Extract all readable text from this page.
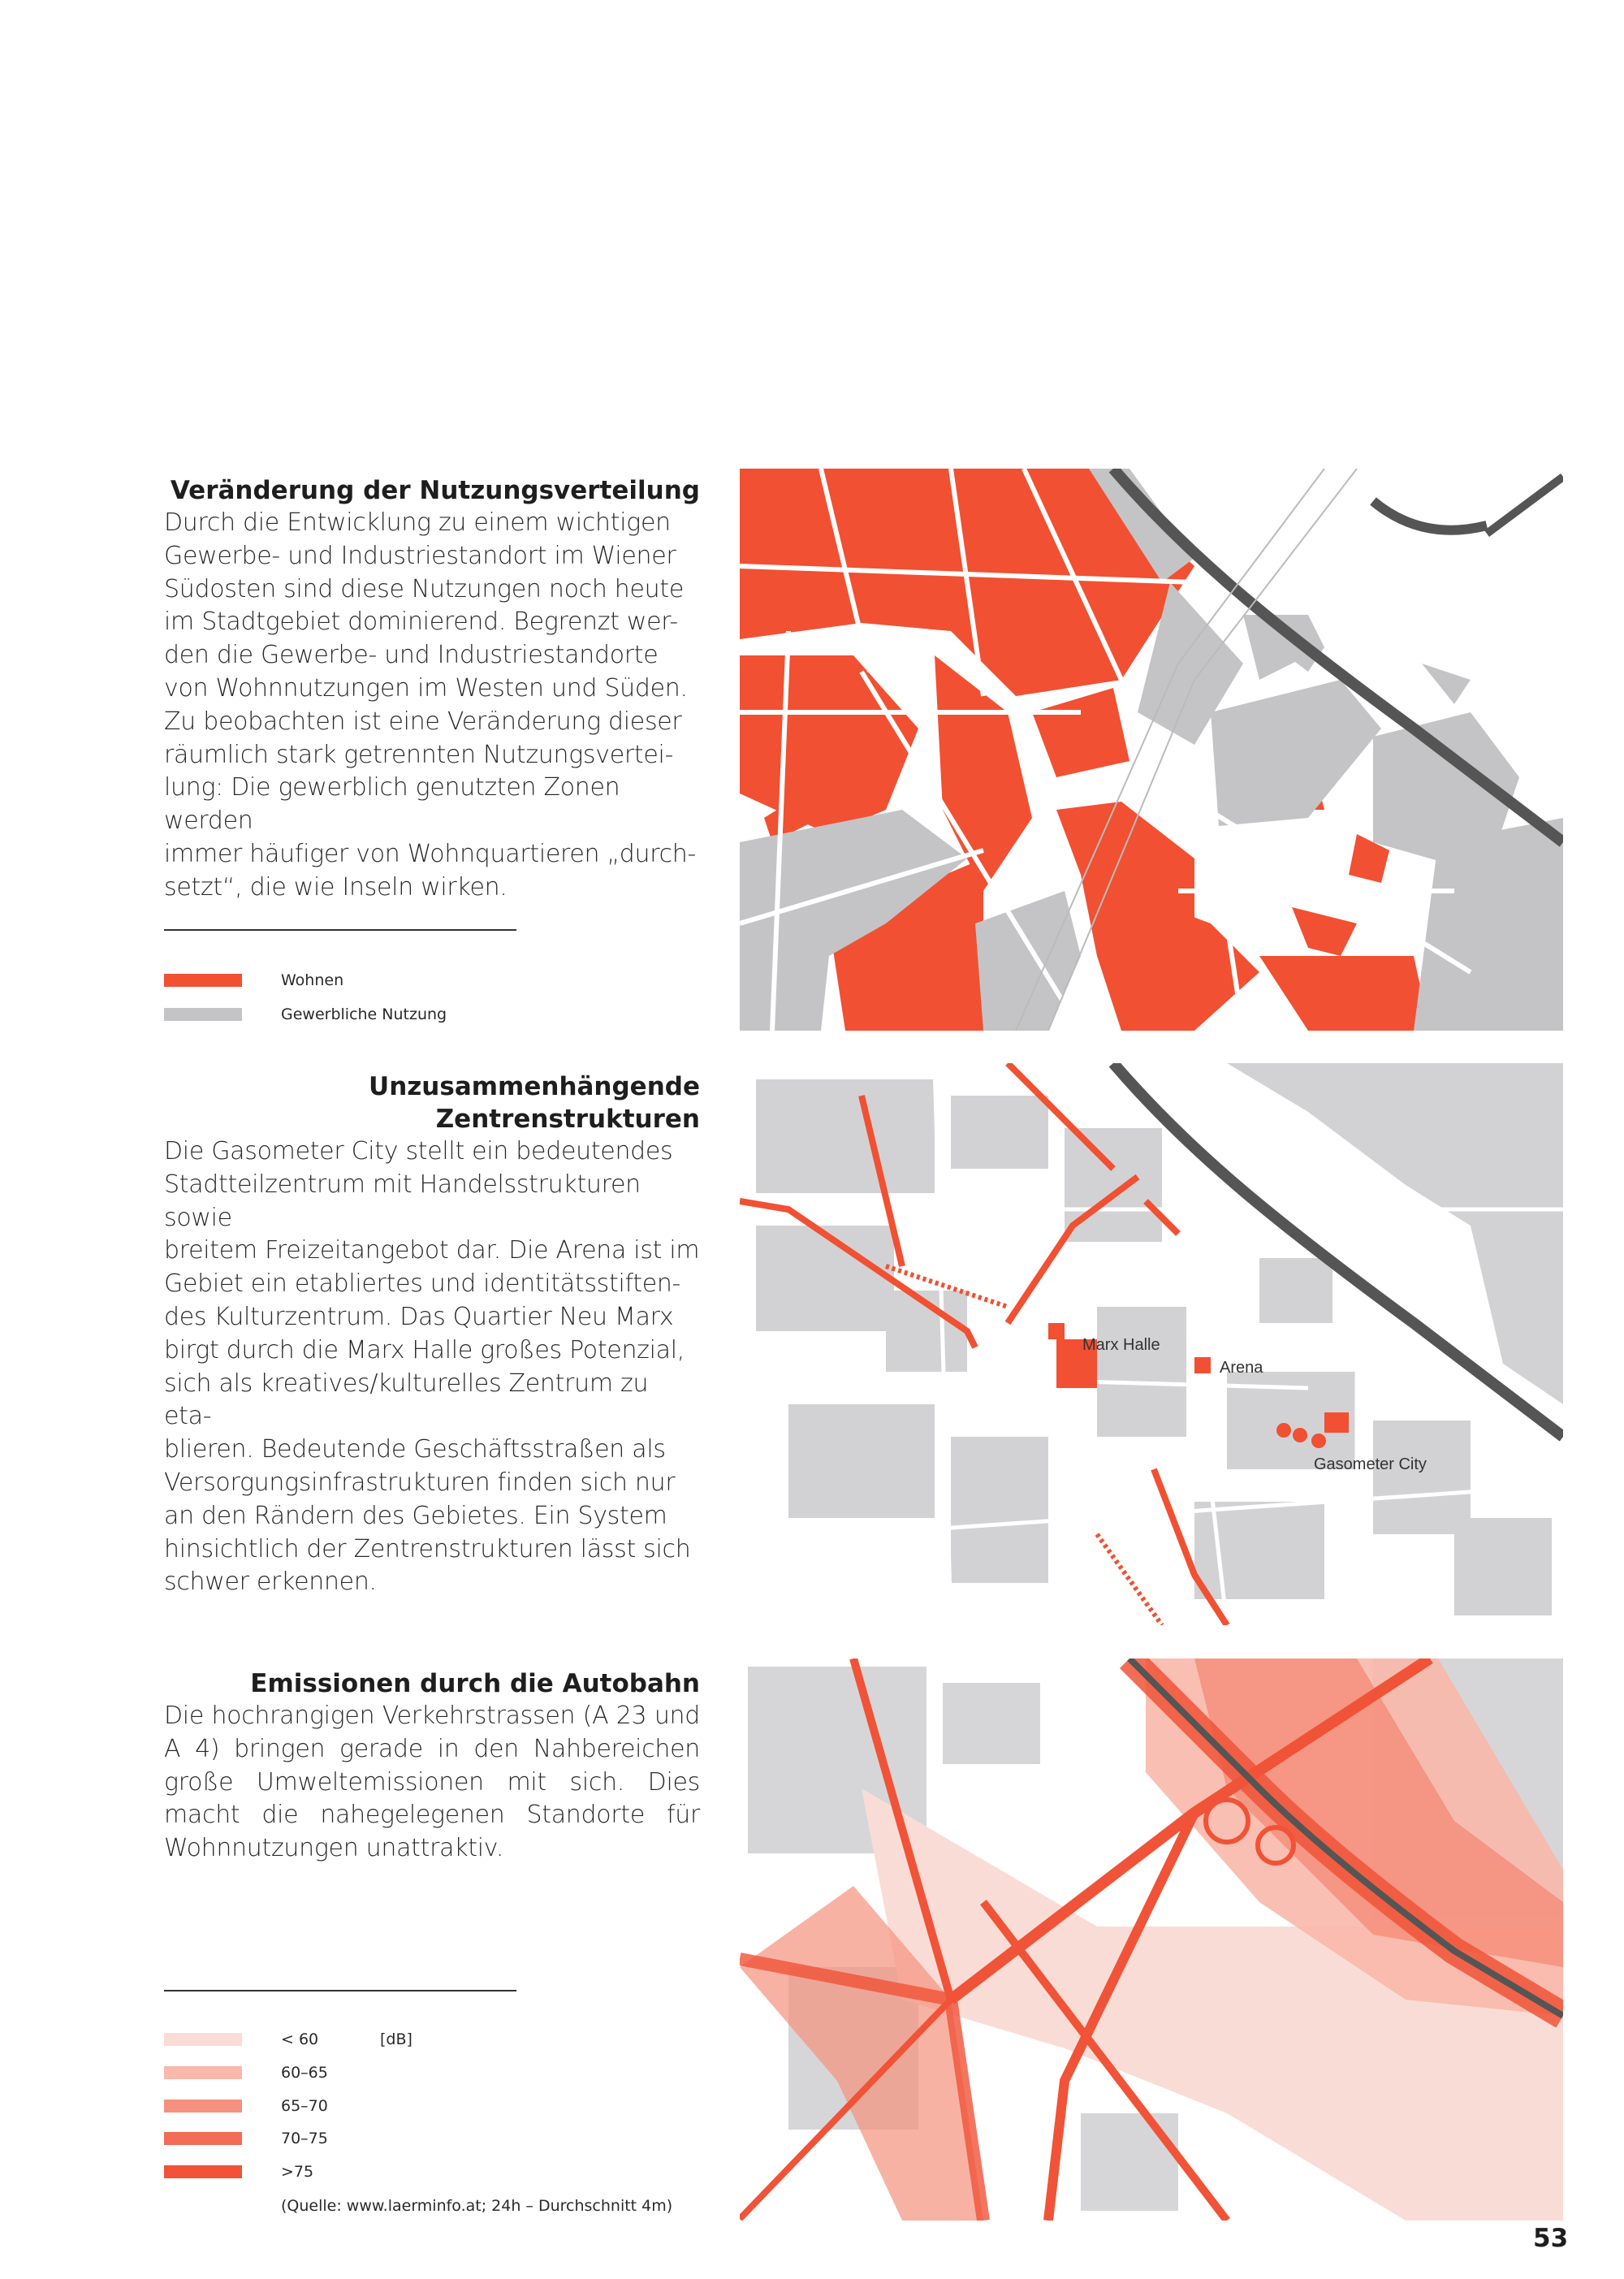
Veränderung der Nutzungsverteilung
Durch die Entwicklung zu einem wichtigen
Gewerbe- und Industriestandort im Wiener
Südosten sind diese Nutzungen noch heute
im Stadtgebiet dominierend. Begrenzt wer-
den die Gewerbe- und Industriestandorte
von Wohnnutzungen im Westen und Süden.
Zu beobachten ist eine Veränderung dieser
räumlich stark getrennten Nutzungsvertei-
lung: Die gewerblich genutzten Zonen werden
immer häufiger von Wohnquartieren „durch-
setzt“, die wie Inseln wirken.
Wohnen
Gewerbliche Nutzung
Unzusammenhängende
Zentrenstrukturen
Die Gasometer City stellt ein bedeutendes
Stadtteilzentrum mit Handelsstrukturen sowie
breitem Freizeitangebot dar. Die Arena ist im
Gebiet ein etabliertes und identitätsstiften-
des Kulturzentrum. Das Quartier Neu Marx
birgt durch die Marx Halle großes Potenzial,
sich als kreatives/kulturelles Zentrum zu eta-
blieren. Bedeutende Geschäftsstraßen als
Versorgungsinfrastrukturen finden sich nur
an den Rändern des Gebietes. Ein System
hinsichtlich der Zentrenstrukturen lässt sich
schwer erkennen.
Marx Halle
Arena
Gasometer City
Emissionen durch die Autobahn
Die hochrangigen Verkehrstrassen (A 23 und A 4) bringen gerade in den Nahbereichen große Umweltemissionen mit sich. Dies macht die nahegelegenen Standorte für Wohnnutzungen unattraktiv.
< 60	[dB]
60–65
65–70
70–75
>75
(Quelle: www.laerminfo.at; 24h – Durchschnitt 4m)
53
